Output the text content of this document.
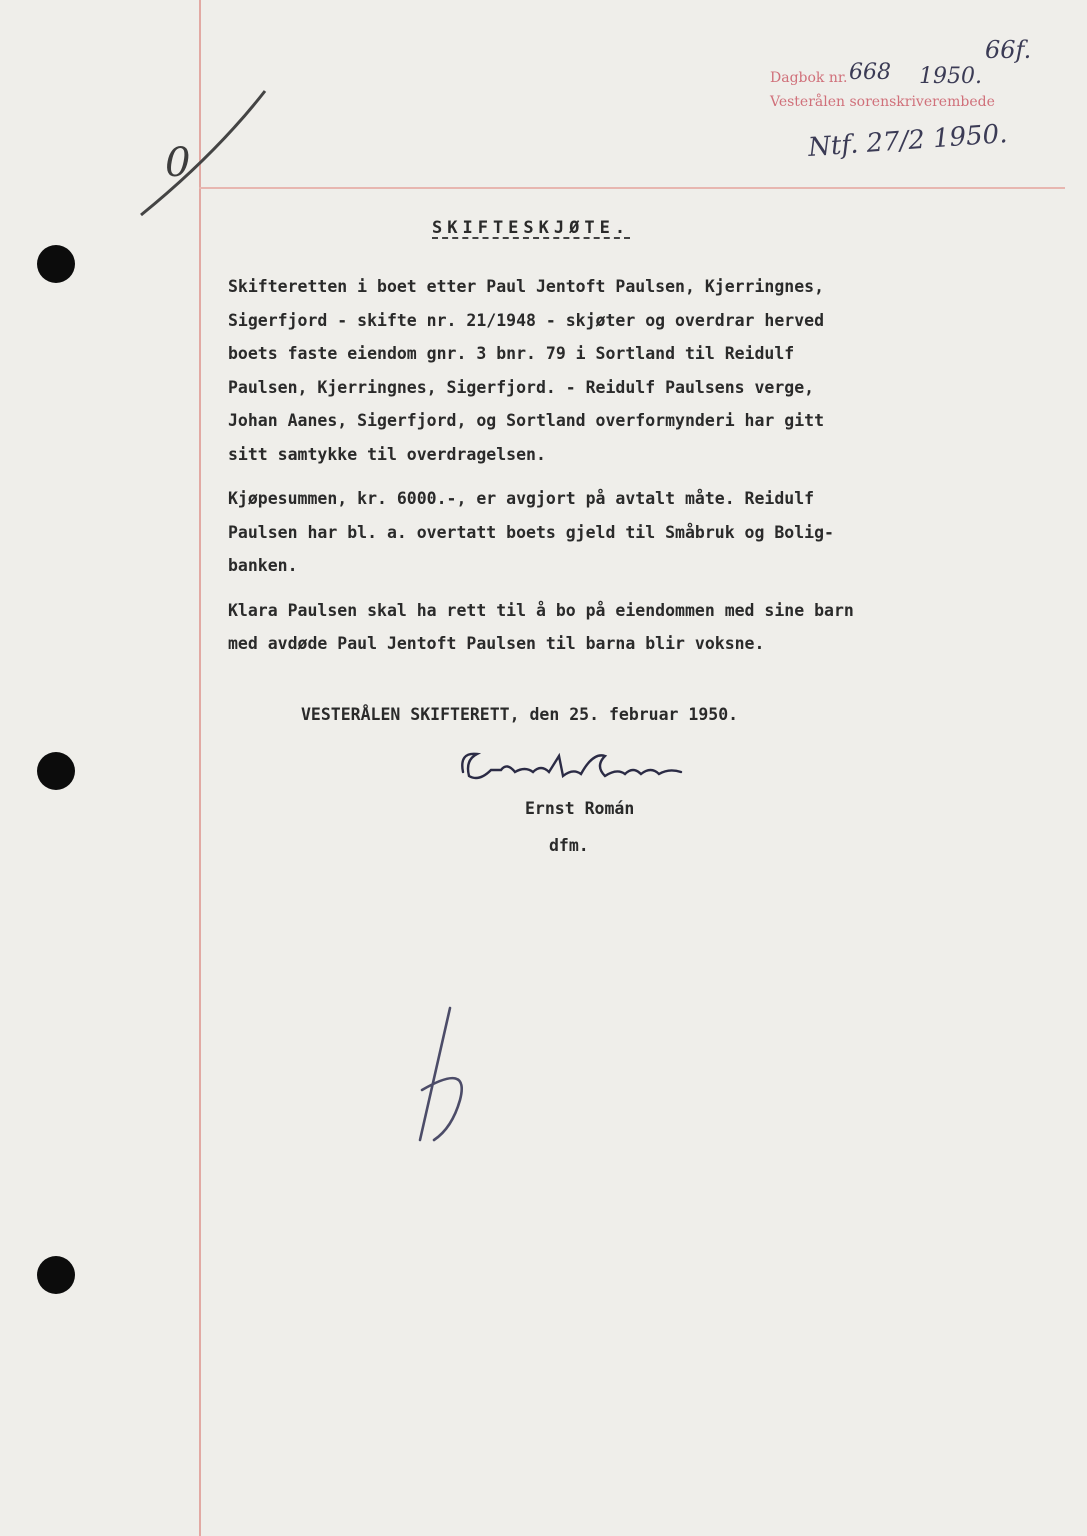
Dagbok nr. 668 1950.
66f.
Vesterålen sorenskriverembede
Ntf. 27/2 1950.
0
SKIFTESKJØTE.

Skifteretten i boet etter Paul Jentoft Paulsen, Kjerringnes,
Sigerfjord - skifte nr. 21/1948 - skjøter og overdrar herved
boets faste eiendom gnr. 3 bnr. 79 i Sortland til Reidulf
Paulsen, Kjerringnes, Sigerfjord. - Reidulf Paulsens verge,
Johan Aanes, Sigerfjord, og Sortland overformynderi har gitt
sitt samtykke til overdragelsen.

Kjøpesummen, kr. 6000.-, er avgjort på avtalt måte. Reidulf
Paulsen har bl. a. overtatt boets gjeld til Småbruk og Bolig-
banken.

Klara Paulsen skal ha rett til å bo på eiendommen med sine barn
med avdøde Paul Jentoft Paulsen til barna blir voksne.

VESTERÅLEN SKIFTERETT, den 25. februar 1950.
Ernst Román
dfm.
